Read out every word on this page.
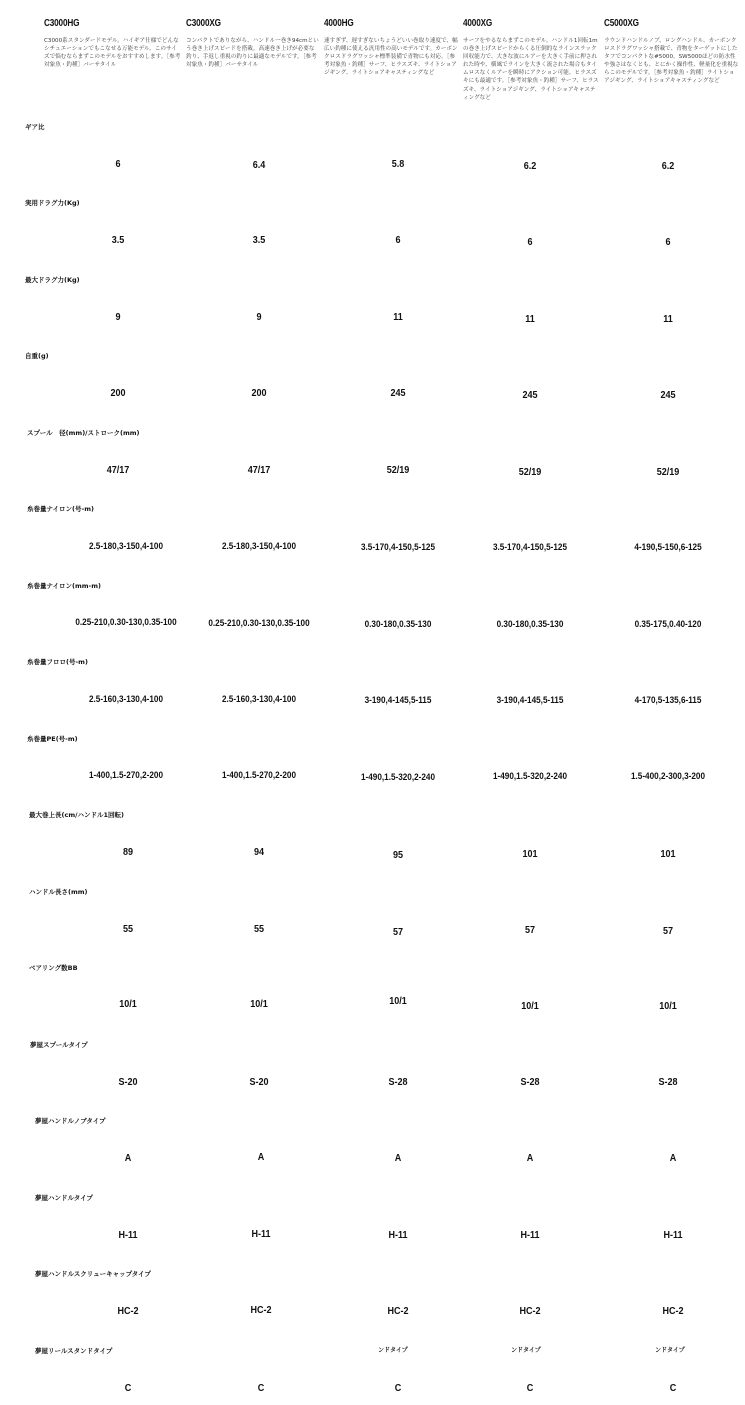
C3000HG
C3000系スタンダードモデル。ハイギア仕様でどんなシチュエーションでもこなせる万能モデル。このサイズで悩むならまずこのモデルをおすすめします。［参考対象魚・釣種］バーサタイル
C3000XG
コンパクトでありながら、ハンドル一巻き94cmという巻き上げスピードを搭載。高速巻き上げが必要な釣り、手返し重視の釣りに最適なモデルです。［参考対象魚・釣種］バーサタイル
4000HG
速すぎず、遅すぎないちょうどいい巻取り速度で、幅広い釣種に使える汎用性の高いモデルです。カーボンクロスドラグワッシャ標準装備で青物にも対応。［参考対象魚・釣種］サーフ、ヒラスズキ、ライトショアジギング、ライトショアキャスティングなど
4000XG
サーフをやるならまずこのモデル。ハンドル1回転1mの巻き上げスピードからくる圧倒的なラインスラック回収能力で、大きな波にルアーを大きく手前に押されれた時や、横風でラインを大きく流された場合もタイムロスなくルアーを瞬時にアクション可能。ヒラスズキにも最適です。［参考対象魚・釣種］サーフ、ヒラスズキ、ライトショアジギング、ライトショアキャスティングなど
C5000XG
ラウンドハンドルノブ、ロングハンドル、カーボンクロスドラグワッシャ搭載で、青物をターゲットにしたタフでコンパクトな#5000。SW5000ほどの防水性や強さはなくとも、とにかく操作性、軽量化を重視ならこのモデルです。［参考対象魚・釣種］ライトショアジギング、ライトショアキャスティングなど
ギア比
6	6.4	5.8	6.2	6.2
実用ドラグ力(Kg)
3.5	3.5	6	6	6
最大ドラグ力(Kg)
9	9	11	11	11
自重(g)
200	200	245	245	245
スプール　径(mm)/ストローク(mm)
47/17	47/17	52/19	52/19	52/19
糸巻量ナイロン(号-m)
2.5-180,3-150,4-100	2.5-180,3-150,4-100	3.5-170,4-150,5-125	3.5-170,4-150,5-125	4-190,5-150,6-125
糸巻量ナイロン(mm-m)
0.25-210,0.30-130,0.35-100	0.25-210,0.30-130,0.35-100	0.30-180,0.35-130	0.30-180,0.35-130	0.35-175,0.40-120
糸巻量フロロ(号-m)
2.5-160,3-130,4-100	2.5-160,3-130,4-100	3-190,4-145,5-115	3-190,4-145,5-115	4-170,5-135,6-115
糸巻量PE(号-m)
1-400,1.5-270,2-200	1-400,1.5-270,2-200	1-490,1.5-320,2-240	1-490,1.5-320,2-240	1.5-400,2-300,3-200
最大巻上長(cm/ハンドル1回転)
89	94	95	101	101
ハンドル長さ(mm)
55	55	57	57	57
ベアリング数BB
10/1	10/1	10/1	10/1	10/1
夢屋スプールタイプ
S-20	S-20	S-28	S-28	S-28
夢屋ハンドルノブタイプ
A	A	A	A	A
夢屋ハンドルタイプ
H-11	H-11	H-11	H-11	H-11
夢屋ハンドルスクリューキャップタイプ
HC-2	HC-2	HC-2	HC-2	HC-2
夢屋リールスタンドタイプ	ンドタイプ	ンドタイプ	ンドタイプ
C	C	C	C	C
